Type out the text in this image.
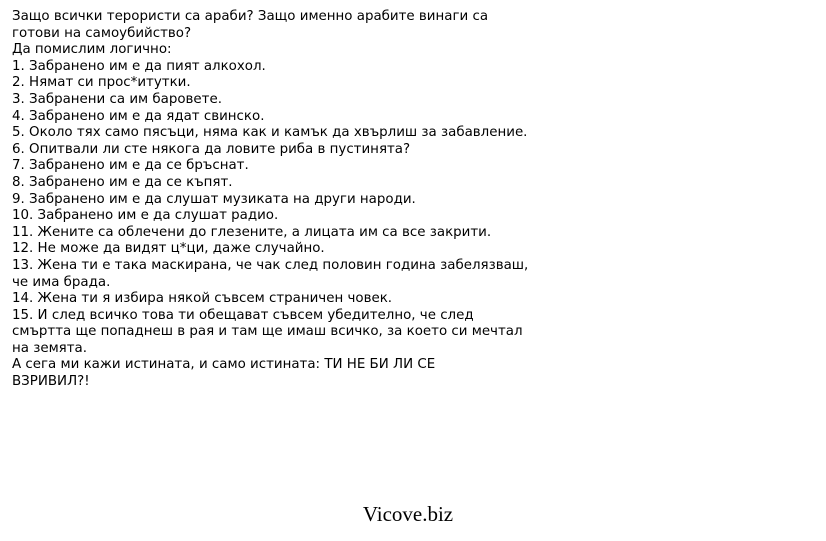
Защо всички терористи са араби? Защо именно арабите винаги са
готови на самоубийство?
Да помислим логично:
1. Забранено им е да пият алкохол.
2. Нямат си прос*итутки.
3. Забранени са им баровете.
4. Забранено им е да ядат свинско.
5. Около тях само пясъци, няма как и камък да хвърлиш за забавление.
6. Опитвали ли сте някога да ловите риба в пустинята?
7. Забранено им е да се бръснат.
8. Забранено им е да се къпят.
9. Забранено им е да слушат музиката на други народи.
10. Забранено им е да слушат радио.
11. Жените са облечени до глезените, а лицата им са все закрити.
12. Не може да видят ц*ци, даже случайно.
13. Жена ти е така маскирана, че чак след половин година забелязваш,
че има брада.
14. Жена ти я избира някой съвсем страничен човек.
15. И след всичко това ти обещават съвсем убедително, че след
смъртта ще попаднеш в рая и там ще имаш всичко, за което си мечтал
на земята.
А сега ми кажи истината, и само истината: ТИ НЕ БИ ЛИ СЕ
ВЗРИВИЛ?!
Vicove.biz
